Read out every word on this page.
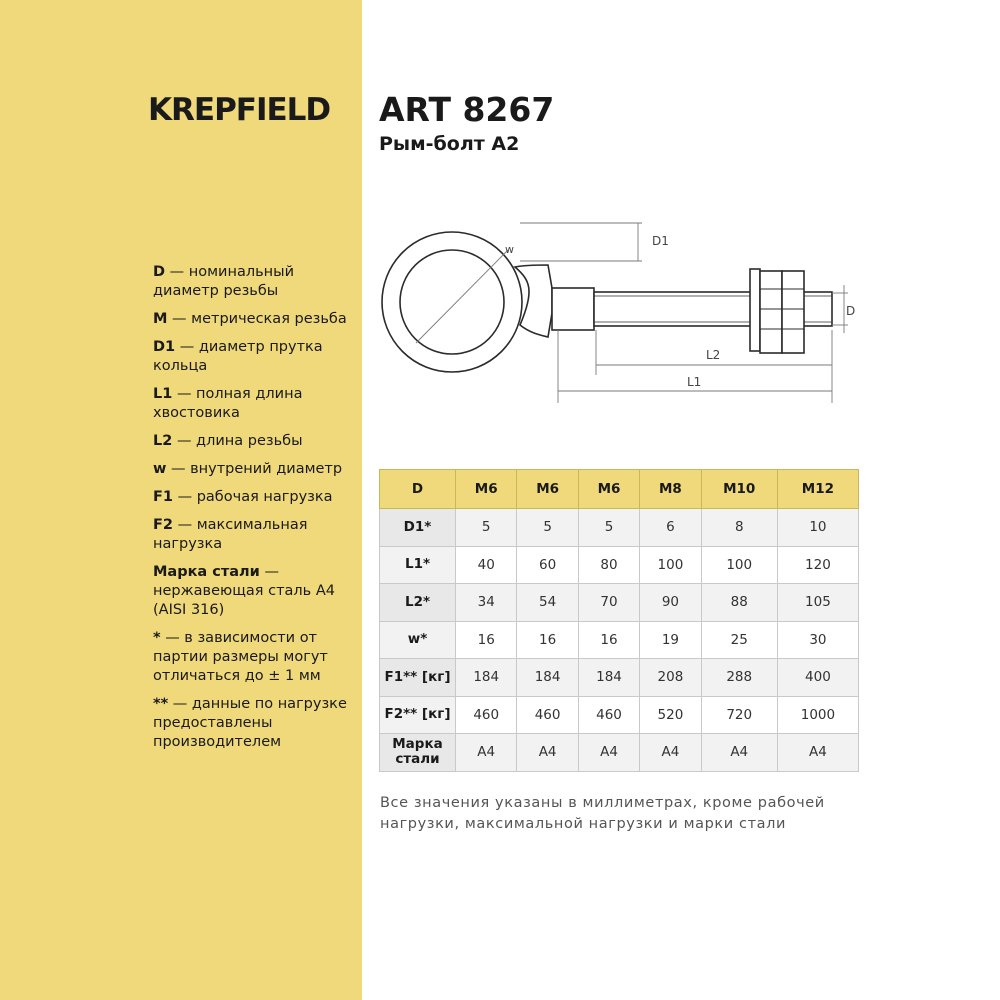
KREPFIELD ART 8267
Рым-болт A2
D — номинальный диаметр резьбы
M — метрическая резьба
D1 — диаметр прутка кольца
L1 — полная длина хвостовика
L2 — длина резьбы
w — внутрений диаметр
F1 — рабочая нагрузка
F2 — максимальная нагрузка
Марка стали — нержавеющая сталь A4 (AISI 316)
* — в зависимости от партии размеры могут отличаться до ± 1 мм
** — данные по нагрузке предоставлены производителем
D1
w
D
L2
L1
D	M6	M6	M6	M8	M10	M12
D1*	5	5	5	6	8	10
L1*	40	60	80	100	100	120
L2*	34	54	70	90	88	105
w*	16	16	16	19	25	30
F1** [кг]	184	184	184	208	288	400
F2** [кг]	460	460	460	520	720	1000
Марка стали	A4	A4	A4	A4	A4	A4
Все значения указаны в миллиметрах, кроме рабочей нагрузки, максимальной нагрузки и марки стали
